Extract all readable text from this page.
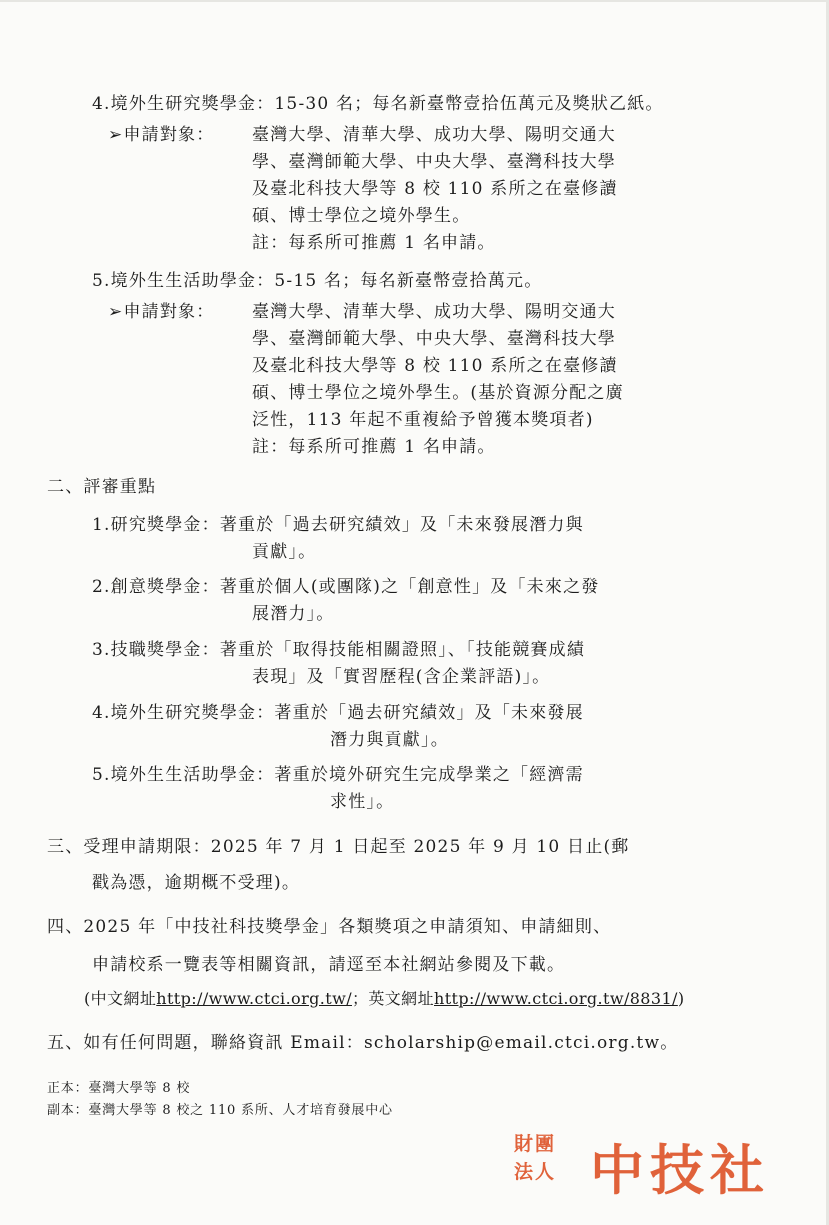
4.境外生研究獎學金：15-30 名；每名新臺幣壹拾伍萬元及獎狀乙紙。
➢申請對象： 臺灣大學、清華大學、成功大學、陽明交通大
學、臺灣師範大學、中央大學、臺灣科技大學
及臺北科技大學等 8 校 110 系所之在臺修讀
碩、博士學位之境外學生。
註：每系所可推薦 1 名申請。
5.境外生生活助學金：5-15 名；每名新臺幣壹拾萬元。
➢申請對象： 臺灣大學、清華大學、成功大學、陽明交通大
學、臺灣師範大學、中央大學、臺灣科技大學
及臺北科技大學等 8 校 110 系所之在臺修讀
碩、博士學位之境外學生。(基於資源分配之廣
泛性，113 年起不重複給予曾獲本獎項者)
註：每系所可推薦 1 名申請。
二、評審重點
1.研究獎學金：著重於「過去研究績效」及「未來發展潛力與
貢獻」。
2.創意獎學金：著重於個人(或團隊)之「創意性」及「未來之發
展潛力」。
3.技職獎學金：著重於「取得技能相關證照」、「技能競賽成績
表現」及「實習歷程(含企業評語)」。
4.境外生研究獎學金：著重於「過去研究績效」及「未來發展
潛力與貢獻」。
5.境外生生活助學金：著重於境外研究生完成學業之「經濟需
求性」。
三、受理申請期限：2025 年 7 月 1 日起至 2025 年 9 月 10 日止(郵
戳為憑，逾期概不受理)。
四、2025 年「中技社科技獎學金」各類獎項之申請須知、申請細則、
申請校系一覽表等相關資訊，請逕至本社網站參閱及下載。
(中文網址http://www.ctci.org.tw/；英文網址http://www.ctci.org.tw/8831/)
五、如有任何問題，聯絡資訊 Email：scholarship@email.ctci.org.tw。
正本：臺灣大學等 8 校
副本：臺灣大學等 8 校之 110 系所、人才培育發展中心
財團
法人 中技社
